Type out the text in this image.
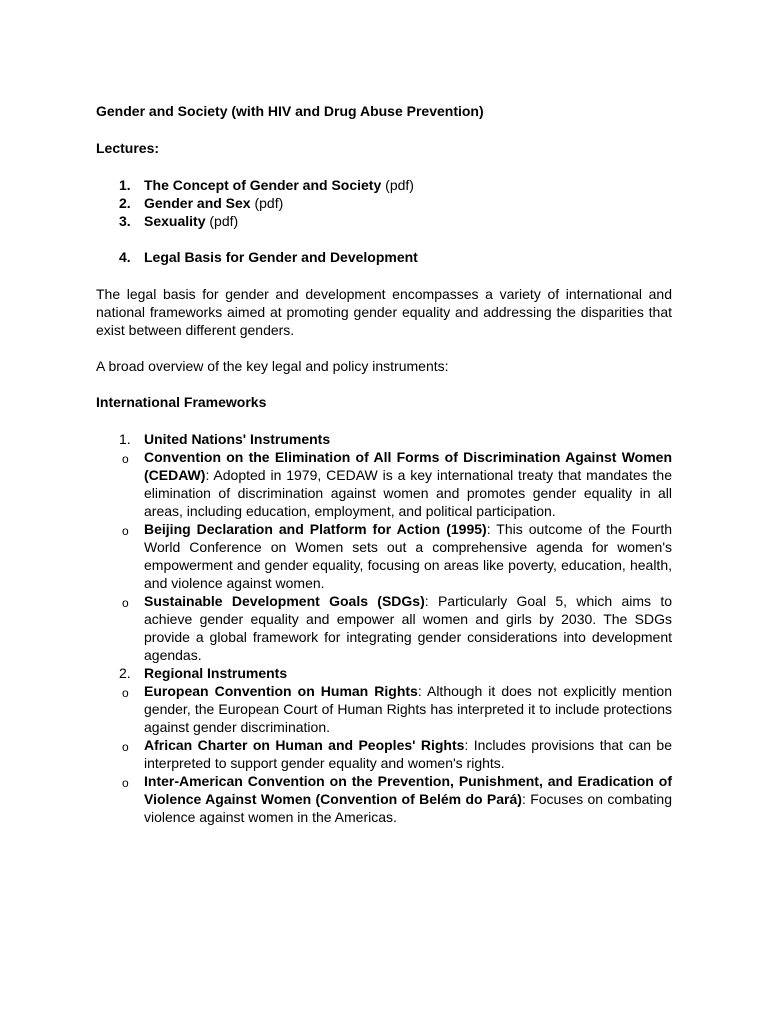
Gender and Society (with HIV and Drug Abuse Prevention)

Lectures:

1. The Concept of Gender and Society (pdf)
2. Gender and Sex (pdf)
3. Sexuality (pdf)
4. Legal Basis for Gender and Development

The legal basis for gender and development encompasses a variety of international and national frameworks aimed at promoting gender equality and addressing the disparities that exist between different genders.

A broad overview of the key legal and policy instruments:

International Frameworks

1. United Nations' Instruments
o Convention on the Elimination of All Forms of Discrimination Against Women (CEDAW): Adopted in 1979, CEDAW is a key international treaty that mandates the elimination of discrimination against women and promotes gender equality in all areas, including education, employment, and political participation.
o Beijing Declaration and Platform for Action (1995): This outcome of the Fourth World Conference on Women sets out a comprehensive agenda for women's empowerment and gender equality, focusing on areas like poverty, education, health, and violence against women.
o Sustainable Development Goals (SDGs): Particularly Goal 5, which aims to achieve gender equality and empower all women and girls by 2030. The SDGs provide a global framework for integrating gender considerations into development agendas.
2. Regional Instruments
o European Convention on Human Rights: Although it does not explicitly mention gender, the European Court of Human Rights has interpreted it to include protections against gender discrimination.
o African Charter on Human and Peoples' Rights: Includes provisions that can be interpreted to support gender equality and women's rights.
o Inter-American Convention on the Prevention, Punishment, and Eradication of Violence Against Women (Convention of Belém do Pará): Focuses on combating violence against women in the Americas.
